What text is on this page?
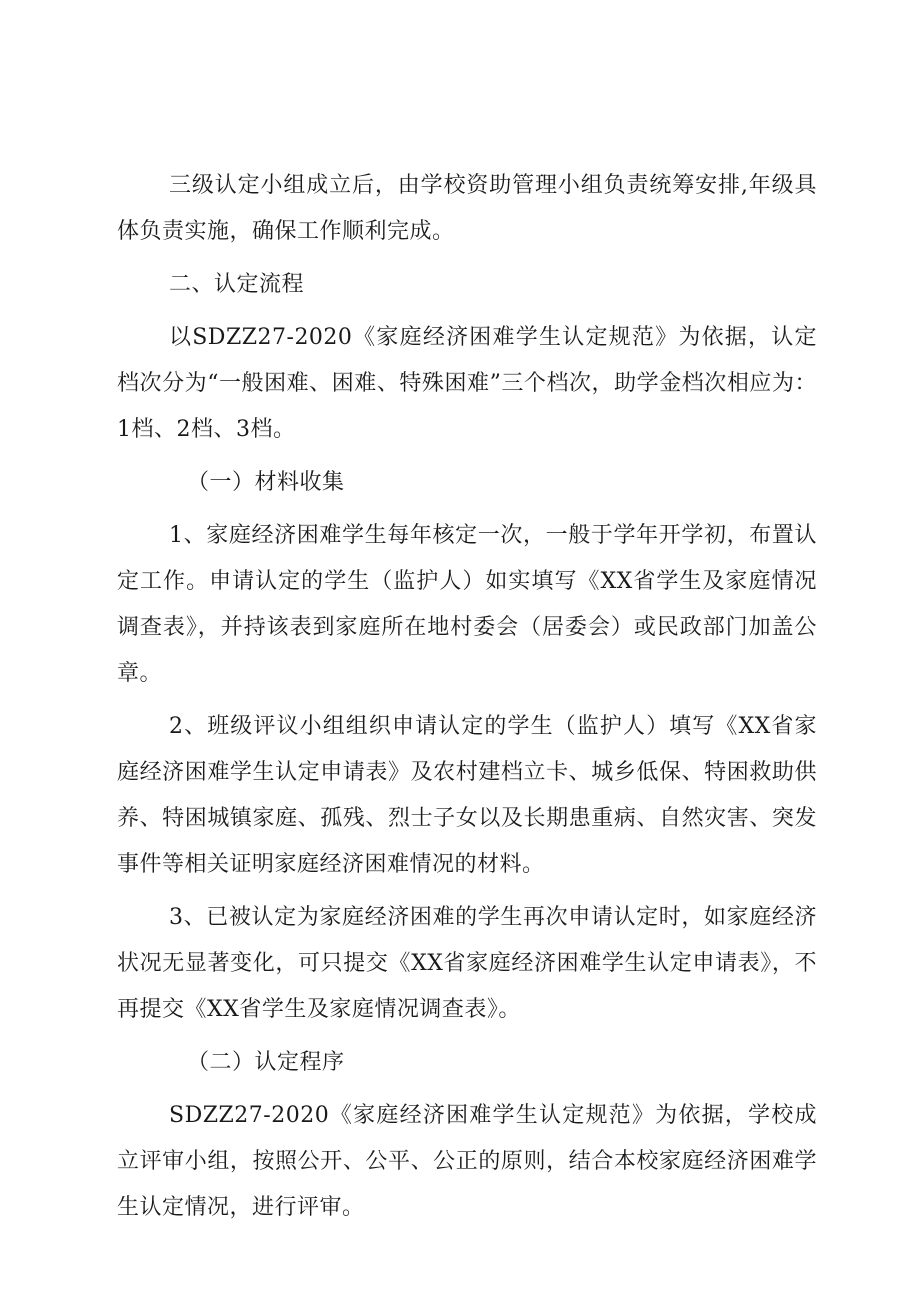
三级认定小组成立后，由学校资助管理小组负责统筹安排,年级具体负责实施，确保工作顺利完成。

二、认定流程

以SDZZ27-2020《家庭经济困难学生认定规范》为依据，认定档次分为“一般困难、困难、特殊困难”三个档次，助学金档次相应为：1档、2档、3档。

（一）材料收集

1、家庭经济困难学生每年核定一次，一般于学年开学初，布置认定工作。申请认定的学生（监护人）如实填写《XX省学生及家庭情况调查表》，并持该表到家庭所在地村委会（居委会）或民政部门加盖公章。

2、班级评议小组组织申请认定的学生（监护人）填写《XX省家庭经济困难学生认定申请表》及农村建档立卡、城乡低保、特困救助供养、特困城镇家庭、孤残、烈士子女以及长期患重病、自然灾害、突发事件等相关证明家庭经济困难情况的材料。

3、已被认定为家庭经济困难的学生再次申请认定时，如家庭经济状况无显著变化，可只提交《XX省家庭经济困难学生认定申请表》，不再提交《XX省学生及家庭情况调查表》。

（二）认定程序

SDZZ27-2020《家庭经济困难学生认定规范》为依据，学校成立评审小组，按照公开、公平、公正的原则，结合本校家庭经济困难学生认定情况，进行评审。
